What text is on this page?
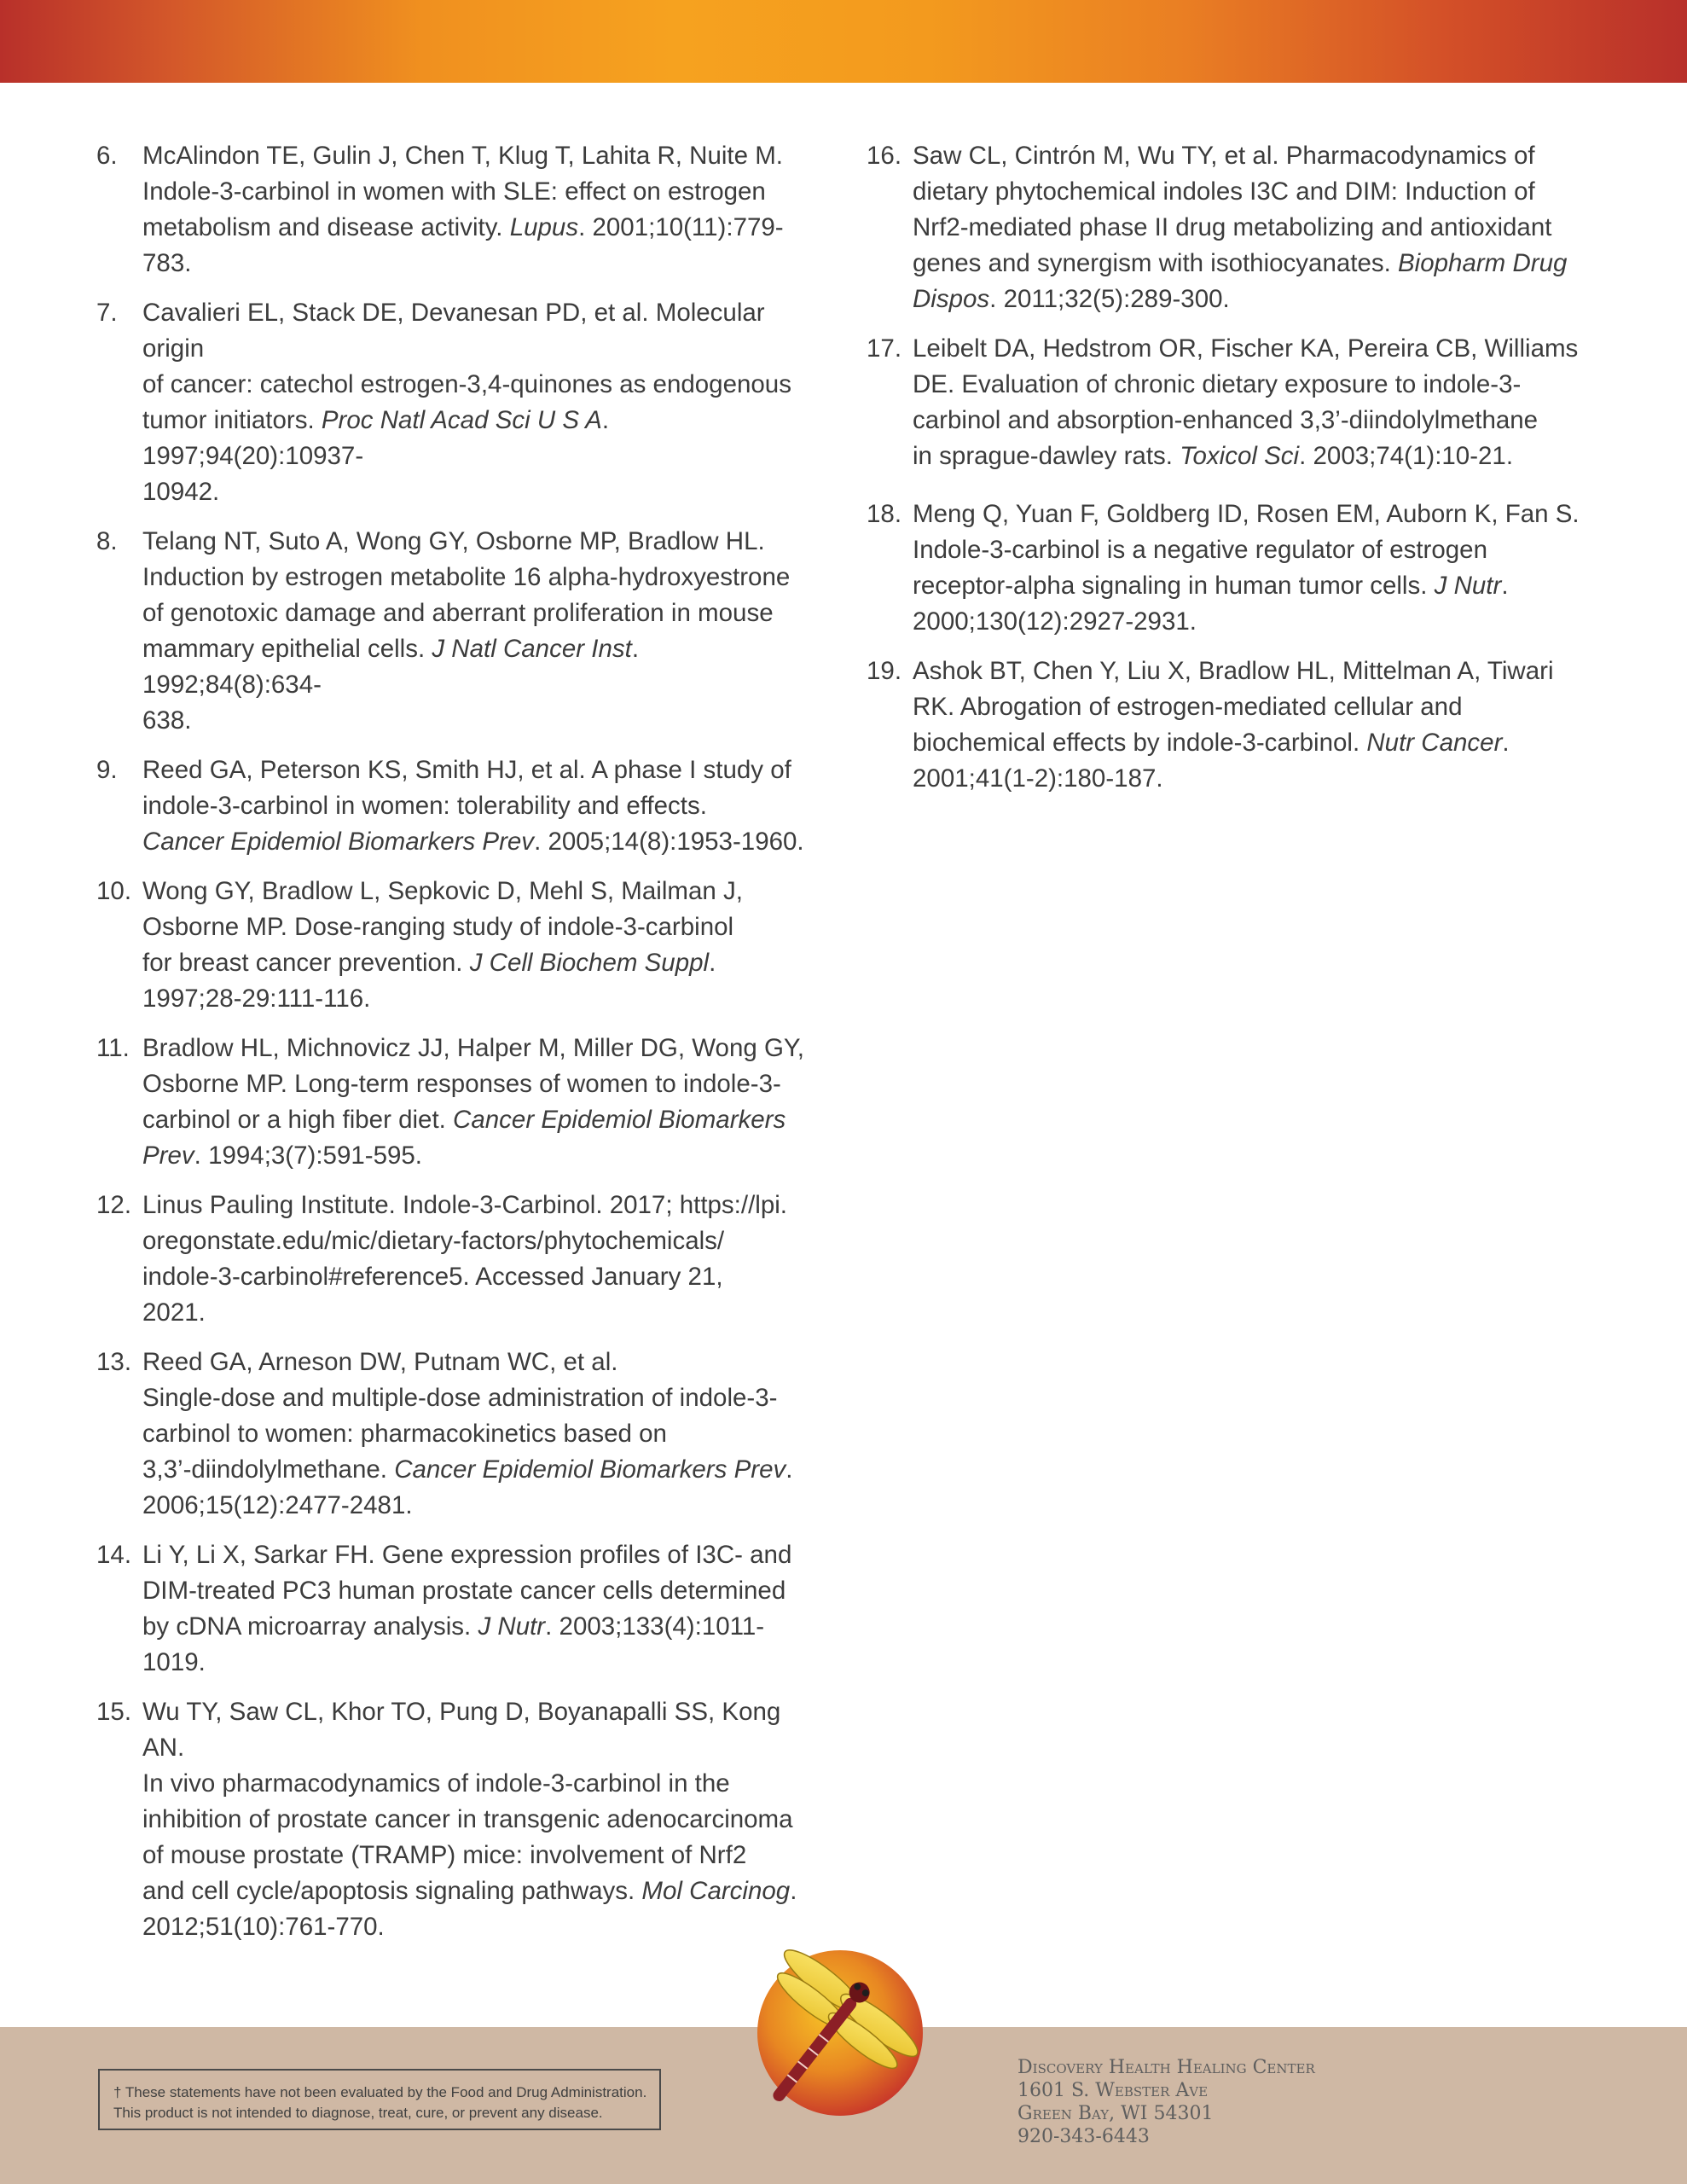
6. McAlindon TE, Gulin J, Chen T, Klug T, Lahita R, Nuite M.
Indole-3-carbinol in women with SLE: effect on estrogen
metabolism and disease activity. Lupus. 2001;10(11):779-
783.
7. Cavalieri EL, Stack DE, Devanesan PD, et al. Molecular origin
of cancer: catechol estrogen-3,4-quinones as endogenous
tumor initiators. Proc Natl Acad Sci U S A. 1997;94(20):10937-
10942.
8. Telang NT, Suto A, Wong GY, Osborne MP, Bradlow HL.
Induction by estrogen metabolite 16 alpha-hydroxyestrone
of genotoxic damage and aberrant proliferation in mouse
mammary epithelial cells. J Natl Cancer Inst. 1992;84(8):634-
638.
9. Reed GA, Peterson KS, Smith HJ, et al. A phase I study of
indole-3-carbinol in women: tolerability and effects.
Cancer Epidemiol Biomarkers Prev. 2005;14(8):1953-1960.
10. Wong GY, Bradlow L, Sepkovic D, Mehl S, Mailman J,
Osborne MP. Dose-ranging study of indole-3-carbinol
for breast cancer prevention. J Cell Biochem Suppl.
1997;28-29:111-116.
11. Bradlow HL, Michnovicz JJ, Halper M, Miller DG, Wong GY,
Osborne MP. Long-term responses of women to indole-3-
carbinol or a high fiber diet. Cancer Epidemiol Biomarkers
Prev. 1994;3(7):591-595.
12. Linus Pauling Institute. Indole-3-Carbinol. 2017; https://lpi.
oregonstate.edu/mic/dietary-factors/phytochemicals/
indole-3-carbinol#reference5. Accessed January 21,
2021.
13. Reed GA, Arneson DW, Putnam WC, et al.
Single-dose and multiple-dose administration of indole-3-
carbinol to women: pharmacokinetics based on
3,3’-diindolylmethane. Cancer Epidemiol Biomarkers Prev.
2006;15(12):2477-2481.
14. Li Y, Li X, Sarkar FH. Gene expression profiles of I3C- and
DIM-treated PC3 human prostate cancer cells determined
by cDNA microarray analysis. J Nutr. 2003;133(4):1011-
1019.
15. Wu TY, Saw CL, Khor TO, Pung D, Boyanapalli SS, Kong AN.
In vivo pharmacodynamics of indole-3-carbinol in the
inhibition of prostate cancer in transgenic adenocarcinoma
of mouse prostate (TRAMP) mice: involvement of Nrf2
and cell cycle/apoptosis signaling pathways. Mol Carcinog.
2012;51(10):761-770.
16. Saw CL, Cintrón M, Wu TY, et al. Pharmacodynamics of
dietary phytochemical indoles I3C and DIM: Induction of
Nrf2-mediated phase II drug metabolizing and antioxidant
genes and synergism with isothiocyanates. Biopharm Drug
Dispos. 2011;32(5):289-300.
17. Leibelt DA, Hedstrom OR, Fischer KA, Pereira CB, Williams
DE. Evaluation of chronic dietary exposure to indole-3-
carbinol and absorption-enhanced 3,3’-diindolylmethane
in sprague-dawley rats. Toxicol Sci. 2003;74(1):10-21.
18. Meng Q, Yuan F, Goldberg ID, Rosen EM, Auborn K, Fan S.
Indole-3-carbinol is a negative regulator of estrogen
receptor-alpha signaling in human tumor cells. J Nutr.
2000;130(12):2927-2931.
19. Ashok BT, Chen Y, Liu X, Bradlow HL, Mittelman A, Tiwari
RK. Abrogation of estrogen-mediated cellular and
biochemical effects by indole-3-carbinol. Nutr Cancer.
2001;41(1-2):180-187.
† These statements have not been evaluated by the Food and Drug Administration.
This product is not intended to diagnose, treat, cure, or prevent any disease.
Discovery Health Healing Center
1601 S. Webster Ave
Green Bay, WI 54301
920-343-6443
